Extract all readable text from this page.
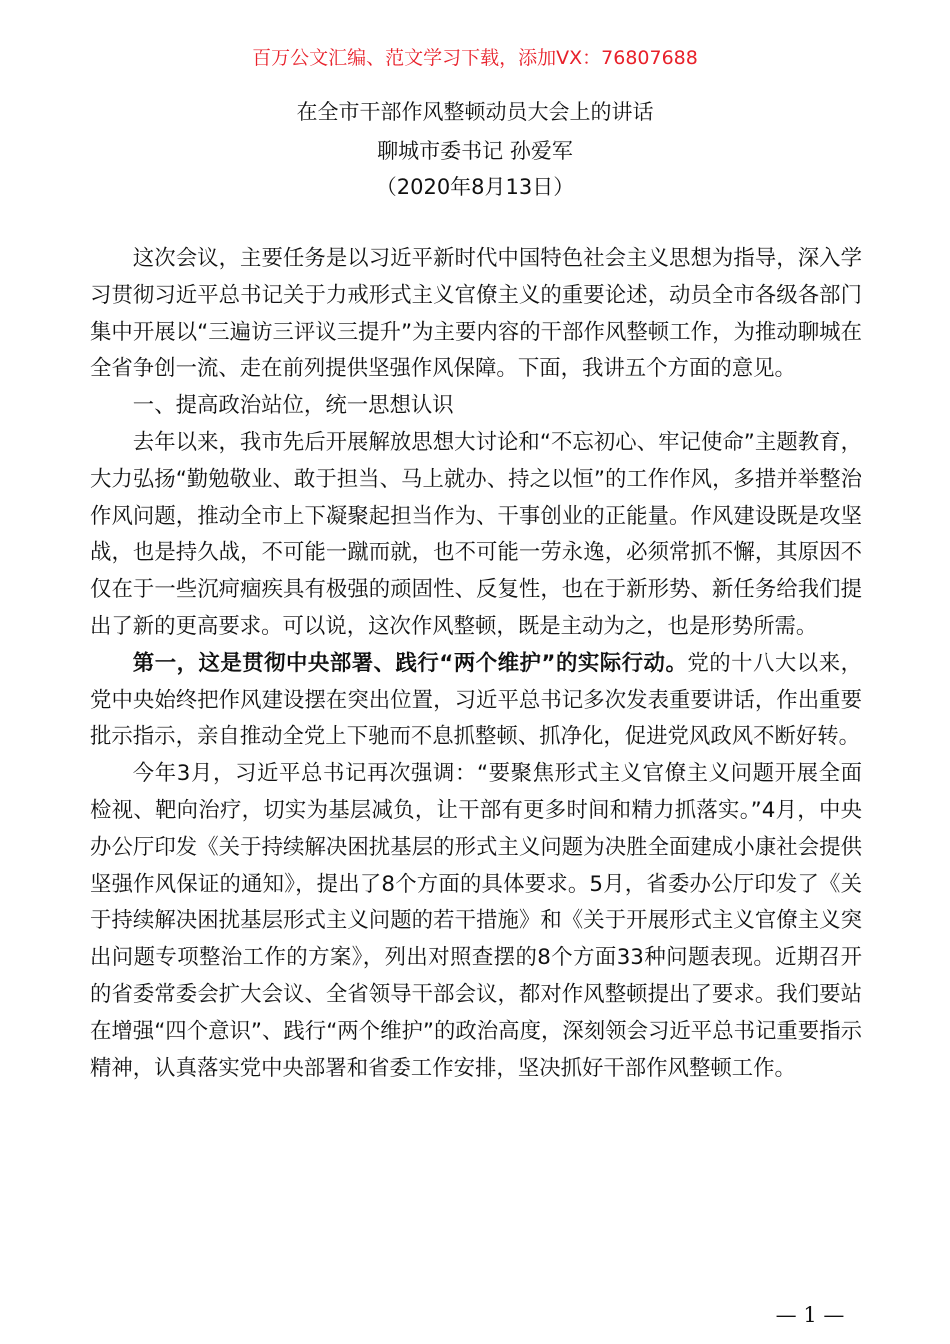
百万公文汇编、范文学习下载，添加VX：76807688
在全市干部作风整顿动员大会上的讲话
聊城市委书记 孙爱军
（2020年8月13日）

这次会议，主要任务是以习近平新时代中国特色社会主义思想为指导，深入学习贯彻习近平总书记关于力戒形式主义官僚主义的重要论述，动员全市各级各部门集中开展以“三遍访三评议三提升”为主要内容的干部作风整顿工作，为推动聊城在全省争创一流、走在前列提供坚强作风保障。下面，我讲五个方面的意见。

一、提高政治站位，统一思想认识

去年以来，我市先后开展解放思想大讨论和“不忘初心、牢记使命”主题教育，大力弘扬“勤勉敬业、敢于担当、马上就办、持之以恒”的工作作风，多措并举整治作风问题，推动全市上下凝聚起担当作为、干事创业的正能量。作风建设既是攻坚战，也是持久战，不可能一蹴而就，也不可能一劳永逸，必须常抓不懈，其原因不仅在于一些沉疴痼疾具有极强的顽固性、反复性，也在于新形势、新任务给我们提出了新的更高要求。可以说，这次作风整顿，既是主动为之，也是形势所需。

第一，这是贯彻中央部署、践行“两个维护”的实际行动。党的十八大以来，党中央始终把作风建设摆在突出位置，习近平总书记多次发表重要讲话，作出重要批示指示，亲自推动全党上下驰而不息抓整顿、抓净化，促进党风政风不断好转。

今年3月，习近平总书记再次强调：“要聚焦形式主义官僚主义问题开展全面检视、靶向治疗，切实为基层减负，让干部有更多时间和精力抓落实。”4月，中央办公厅印发《关于持续解决困扰基层的形式主义问题为决胜全面建成小康社会提供坚强作风保证的通知》，提出了8个方面的具体要求。5月，省委办公厅印发了《关于持续解决困扰基层形式主义问题的若干措施》和《关于开展形式主义官僚主义突出问题专项整治工作的方案》，列出对照查摆的8个方面33种问题表现。近期召开的省委常委会扩大会议、全省领导干部会议，都对作风整顿提出了要求。我们要站在增强“四个意识”、践行“两个维护”的政治高度，深刻领会习近平总书记重要指示精神，认真落实党中央部署和省委工作安排，坚决抓好干部作风整顿工作。

— 1 —
